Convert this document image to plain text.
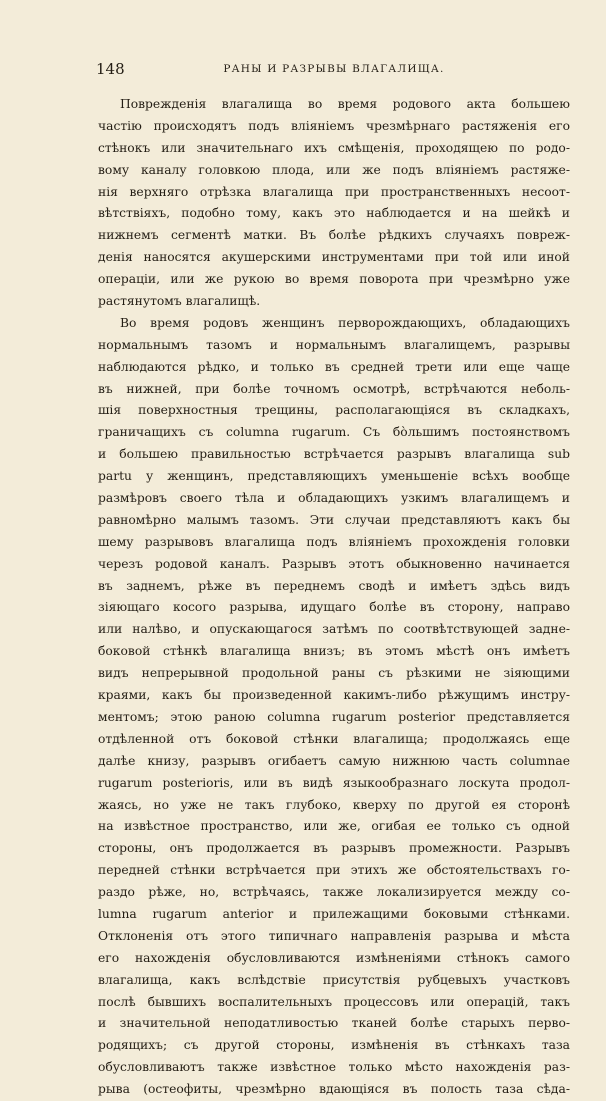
148	РАНЫ И РАЗРЫВЫ ВЛАГАЛИЩА.
Поврежденія влагалища во время родового акта большею
частію происходятъ подъ вліяніемъ чрезмѣрнаго растяженія его
стѣнокъ или значительнаго ихъ смѣщенія, проходящею по родо-
вому каналу головкою плода, или же подъ вліяніемъ растяже-
нія верхняго отрѣзка влагалища при пространственныхъ несоот-
вѣтствіяхъ, подобно тому, какъ это наблюдается и на шейкѣ и
нижнемъ сегментѣ матки. Въ болѣе рѣдкихъ случаяхъ повреж-
денія наносятся акушерскими инструментами при той или иной
операціи, или же рукою во время поворота при чрезмѣрно уже
растянутомъ влагалищѣ.
Во время родовъ женщинъ перворождающихъ, обладающихъ
нормальнымъ тазомъ и нормальнымъ влагалищемъ, разрывы
наблюдаются рѣдко, и только въ средней трети или еще чаще
въ нижней, при болѣе точномъ осмотрѣ, встрѣчаются неболь-
шія поверхностныя трещины, располагающіяся въ складкахъ,
граничащихъ съ columna rugarum. Съ бо̀льшимъ постоянствомъ
и большею правильностью встрѣчается разрывъ влагалища sub
partu у женщинъ, представляющихъ уменьшеніе всѣхъ вообще
размѣровъ своего тѣла и обладающихъ узкимъ влагалищемъ и
равномѣрно малымъ тазомъ. Эти случаи представляютъ какъ бы
шему разрывовъ влагалища подъ вліяніемъ прохожденія головки
черезъ родовой каналъ. Разрывъ этотъ обыкновенно начинается
въ заднемъ, рѣже въ переднемъ сводѣ и имѣетъ здѣсь видъ
зіяющаго косого разрыва, идущаго болѣе въ сторону, направо
или налѣво, и опускающагося затѣмъ по соотвѣтствующей задне-
боковой стѣнкѣ влагалища внизъ; въ этомъ мѣстѣ онъ имѣетъ
видъ непрерывной продольной раны съ рѣзкими не зіяющими
краями, какъ бы произведенной какимъ-либо рѣжущимъ инстру-
ментомъ; этою раною columna rugarum posterior представляется
отдѣленной отъ боковой стѣнки влагалища; продолжаясь еще
далѣе книзу, разрывъ огибаетъ самую нижнюю часть columnae
rugarum posterioris, или въ видѣ языкообразнаго лоскута продол-
жаясь, но уже не такъ глубоко, кверху по другой ея сторонѣ
на извѣстное пространство, или же, огибая ее только съ одной
стороны, онъ продолжается въ разрывъ промежности. Разрывъ
передней стѣнки встрѣчается при этихъ же обстоятельствахъ го-
раздо рѣже, но, встрѣчаясь, также локализируется между co-
lumna rugarum anterior и прилежащими боковыми стѣнками.
Отклоненія отъ этого типичнаго направленія разрыва и мѣста
его нахожденія обусловливаются измѣненіями стѣнокъ самого
влагалища, какъ вслѣдствіе присутствія рубцевыхъ участковъ
послѣ бывшихъ воспалительныхъ процессовъ или операцій, такъ
и значительной неподатливостью тканей болѣе старыхъ перво-
родящихъ; съ другой стороны, измѣненія въ стѣнкахъ таза
обусловливаютъ также извѣстное только мѣсто нахожденія раз-
рыва (остеофиты, чрезмѣрно вдающіяся въ полость таза сѣда-
